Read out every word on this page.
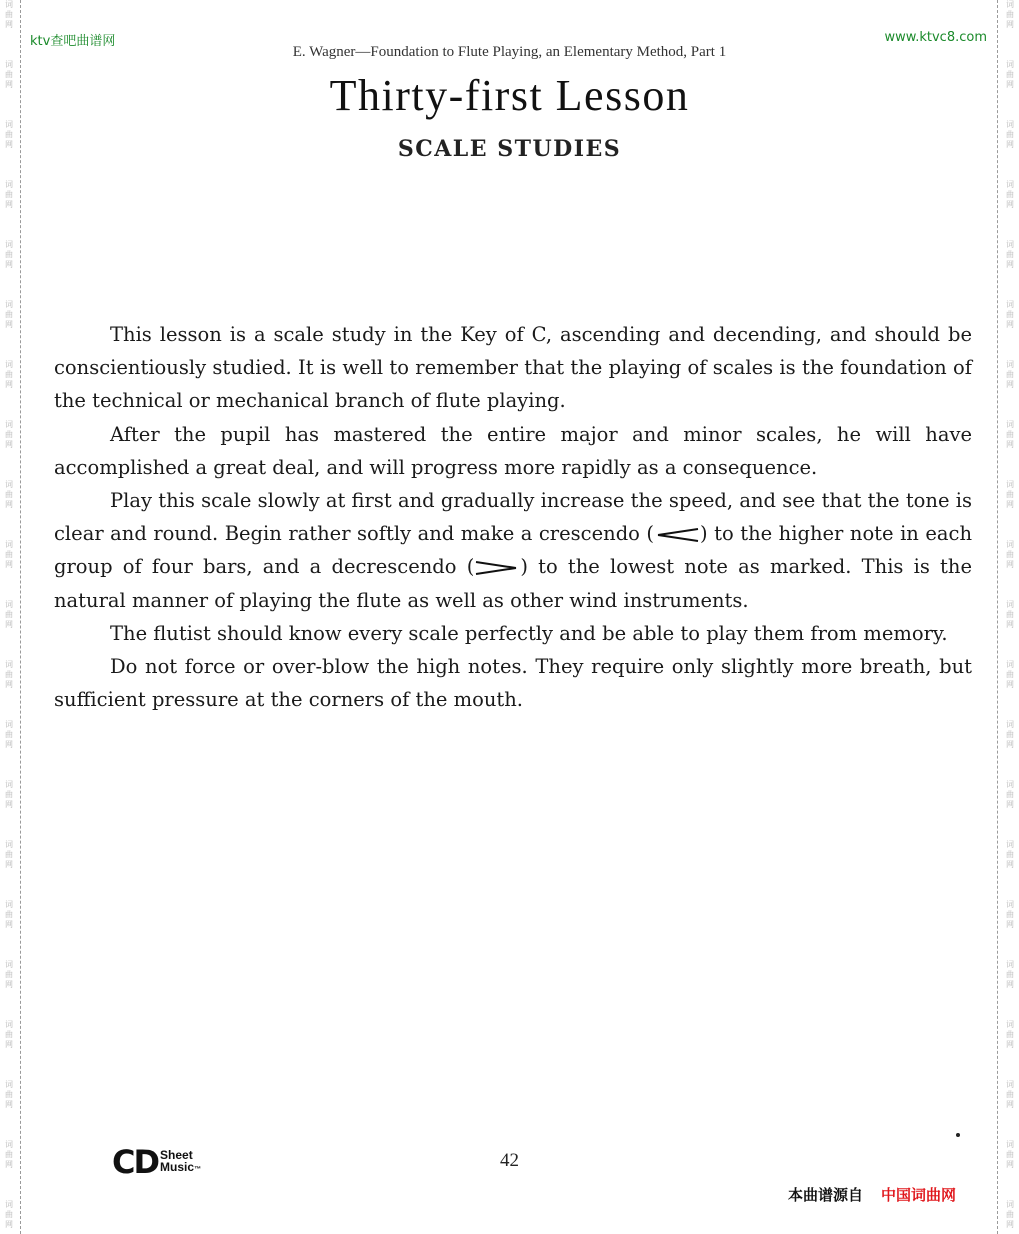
词
曲
网
词
曲
网
词
曲
网
词
曲
网
词
曲
网
词
曲
网
词
曲
网
词
曲
网
词
曲
网
词
曲
网
词
曲
网
词
曲
网
词
曲
网
词
曲
网
词
曲
网
词
曲
网
词
曲
网
词
曲
网
词
曲
网
词
曲
网
词
曲
网
词
曲
网
词
曲
网
词
曲
网
词
曲
网
词
曲
网
词
曲
网
词
曲
网
词
曲
网
词
曲
网
词
曲
网
词
曲
网
词
曲
网
词
曲
网
词
曲
网
词
曲
网
词
曲
网
词
曲
网
词
曲
网
词
曲
网
词
曲
网
词
曲
网
ktv查吧曲谱网	www.ktvc8.com
E. Wagner—Foundation to Flute Playing, an Elementary Method, Part 1
Thirty-first Lesson
SCALE STUDIES

This lesson is a scale study in the Key of C, ascending and decending, and should be conscientiously studied. It is well to remember that the playing of scales is the foundation of the technical or mechanical branch of flute playing.

After the pupil has mastered the entire major and minor scales, he will have accomplished a great deal, and will progress more rapidly as a consequence.

Play this scale slowly at first and gradually increase the speed, and see that the tone is clear and round. Begin rather softly and make a crescendo ( ) to the higher note in each group of four bars, and a decrescendo ( ) to the lowest note as marked. This is the natural manner of playing the flute as well as other wind instruments.

The flutist should know every scale perfectly and be able to play them from memory.

Do not force or over-blow the high notes. They require only slightly more breath, but sufficient pressure at the corners of the mouth.

CD Sheet
Music™	42
本曲谱源自 中国词曲网
